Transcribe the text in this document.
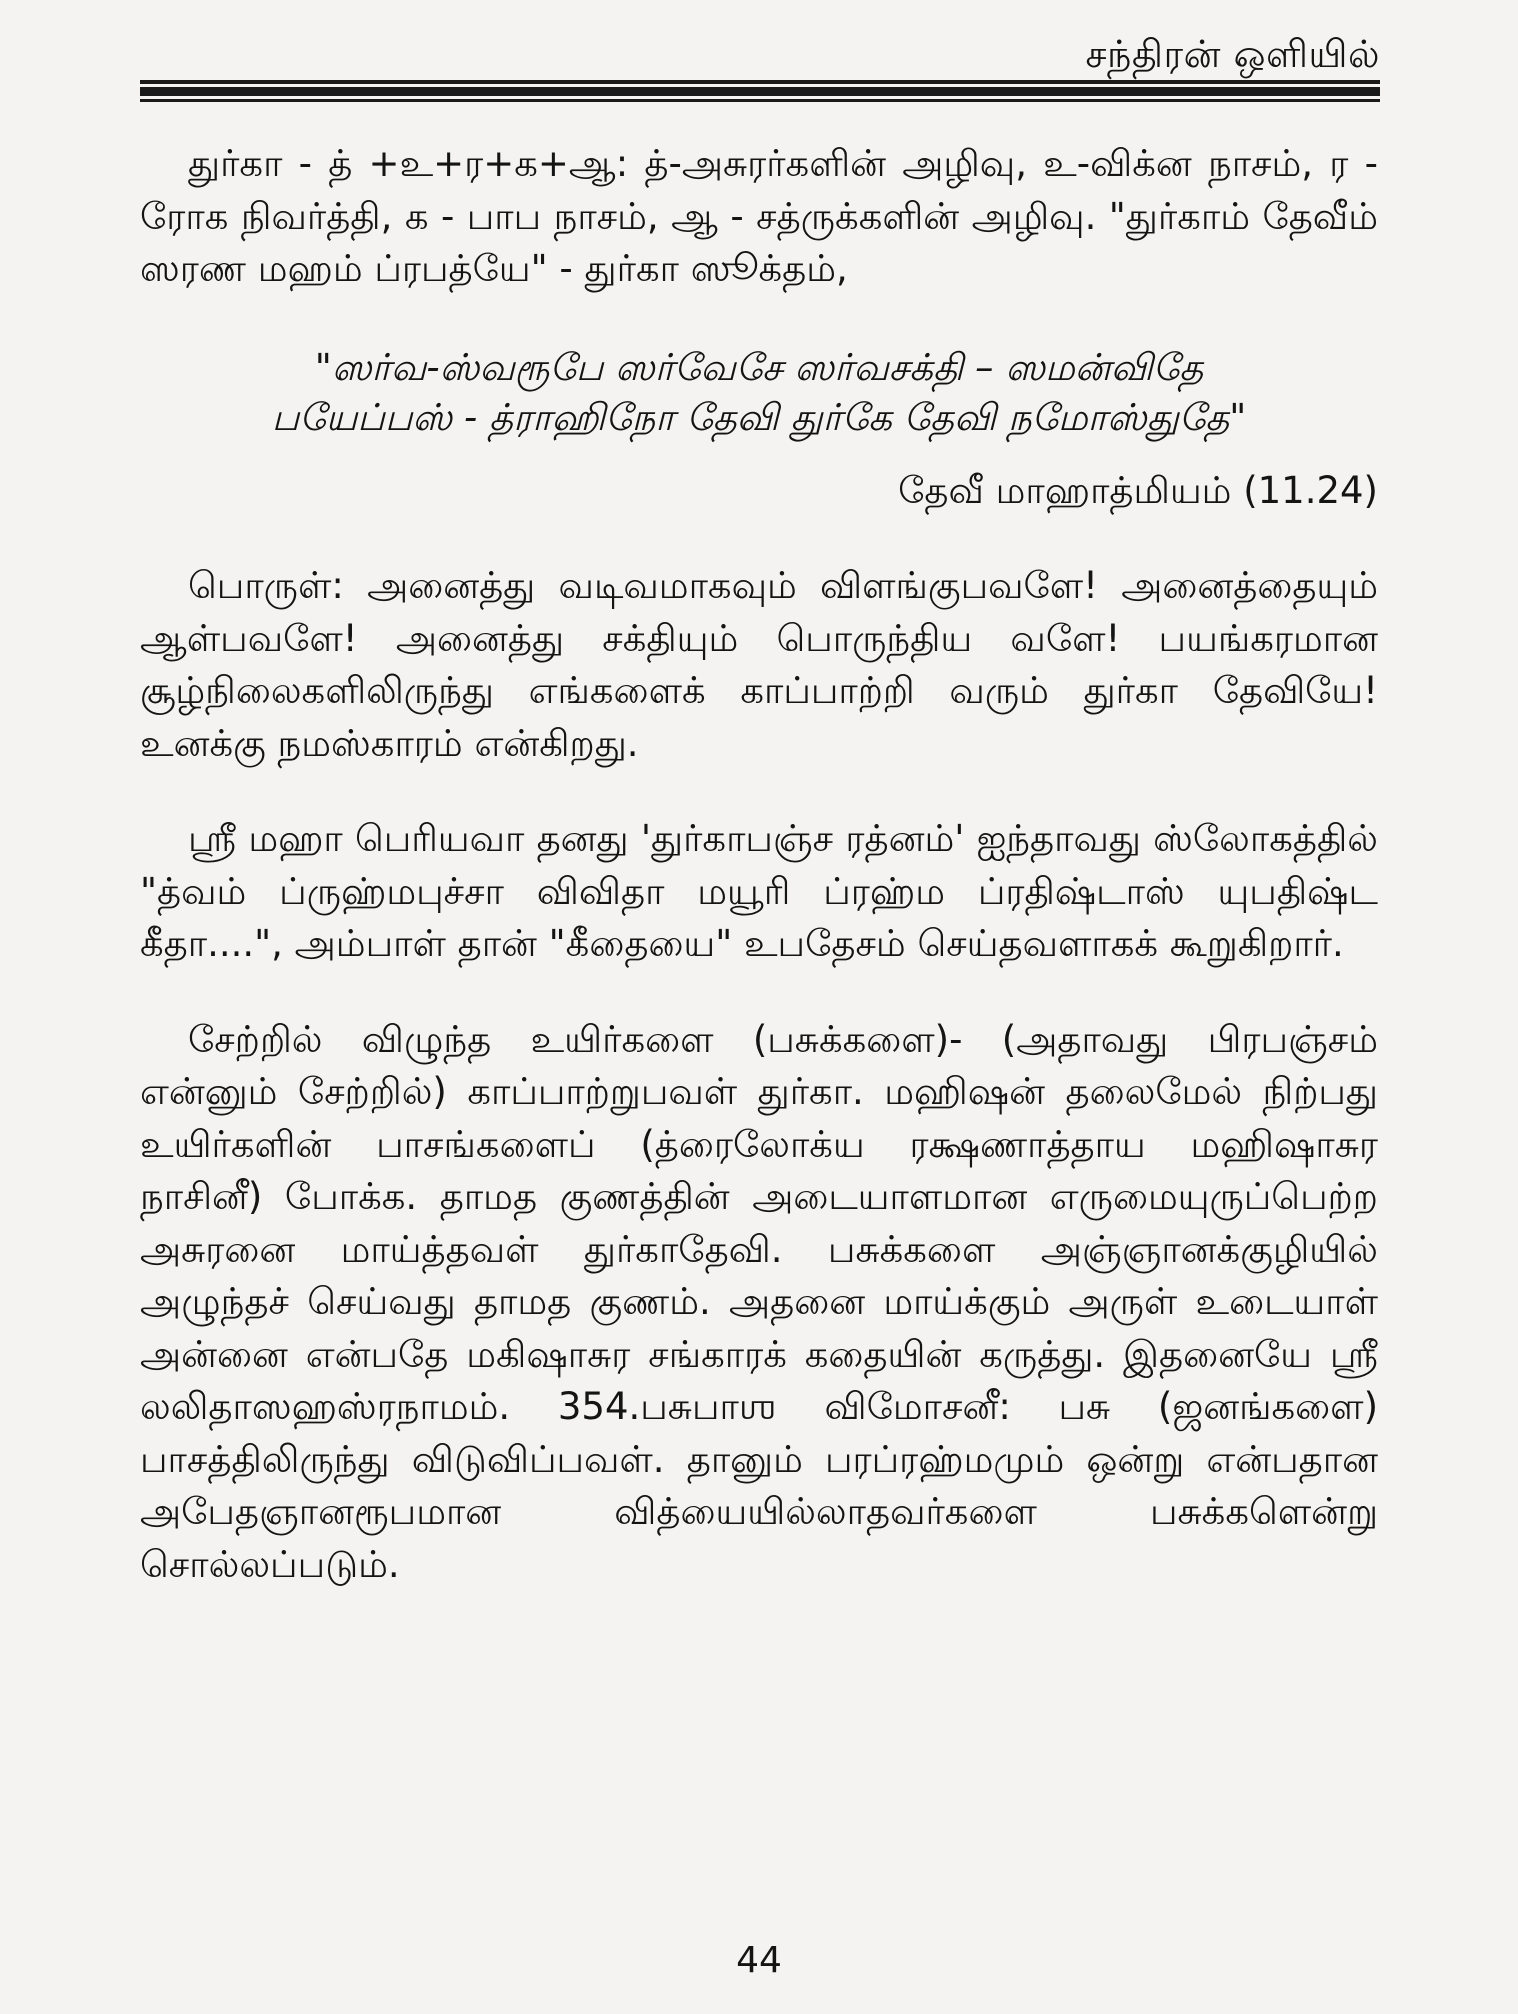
சந்திரன் ஒளியில்

துர்கா - த் +உ+ர+க+ஆ: த்-அசுரர்களின் அழிவு, உ-விக்ன நாசம், ர - ரோக நிவர்த்தி, க - பாப நாசம், ஆ - சத்ருக்களின் அழிவு. "துர்காம் தேவீம் ஸரண மஹம் ப்ரபத்யே" - துர்கா ஸூக்தம்,

"ஸர்வ-ஸ்வரூபே ஸர்வேசே ஸர்வசக்தி – ஸமன்விதே
பயேப்பஸ் - த்ராஹிநோ தேவி துர்கே தேவி நமோஸ்துதே"

தேவீ மாஹாத்மியம் (11.24)

பொருள்: அனைத்து வடிவமாகவும் விளங்குபவளே! அனைத்தையும் ஆள்பவளே! அனைத்து சக்தியும் பொருந்திய வளே! பயங்கரமான சூழ்நிலைகளிலிருந்து எங்களைக் காப்பாற்றி வரும் துர்கா தேவியே! உனக்கு நமஸ்காரம் என்கிறது.

ஶ்ரீ மஹா பெரியவா தனது 'துர்காபஞ்ச ரத்னம்' ஐந்தாவது ஸ்லோகத்தில் "த்வம் ப்ருஹ்மபுச்சா விவிதா மயூரி ப்ரஹ்ம ப்ரதிஷ்டாஸ் யுபதிஷ்ட கீதா....", அம்பாள் தான் "கீதையை" உபதேசம் செய்தவளாகக் கூறுகிறார்.

சேற்றில் விழுந்த உயிர்களை (பசுக்களை)- (அதாவது பிரபஞ்சம் என்னும் சேற்றில்) காப்பாற்றுபவள் துர்கா. மஹிஷன் தலைமேல் நிற்பது உயிர்களின் பாசங்களைப் (த்ரைலோக்ய ரக்ஷணாத்தாய மஹிஷாசுர நாசினீ) போக்க. தாமத குணத்தின் அடையாளமான எருமையுருப்பெற்ற அசுரனை மாய்த்தவள் துர்காதேவி. பசுக்களை அஞ்ஞானக்குழியில் அழுந்தச் செய்வது தாமத குணம். அதனை மாய்க்கும் அருள் உடையாள் அன்னை என்பதே மகிஷாசுர சங்காரக் கதையின் கருத்து. இதனையே ஶ்ரீ லலிதாஸஹஸ்ரநாமம். 354.பசுபாஶ விமோசனீ: பசு (ஜனங்களை) பாசத்திலிருந்து விடுவிப்பவள். தானும் பரப்ரஹ்மமும் ஒன்று என்பதான அபேதஞானரூபமான வித்யையில்லாதவர்களை பசுக்களென்று சொல்லப்படும்.

44
